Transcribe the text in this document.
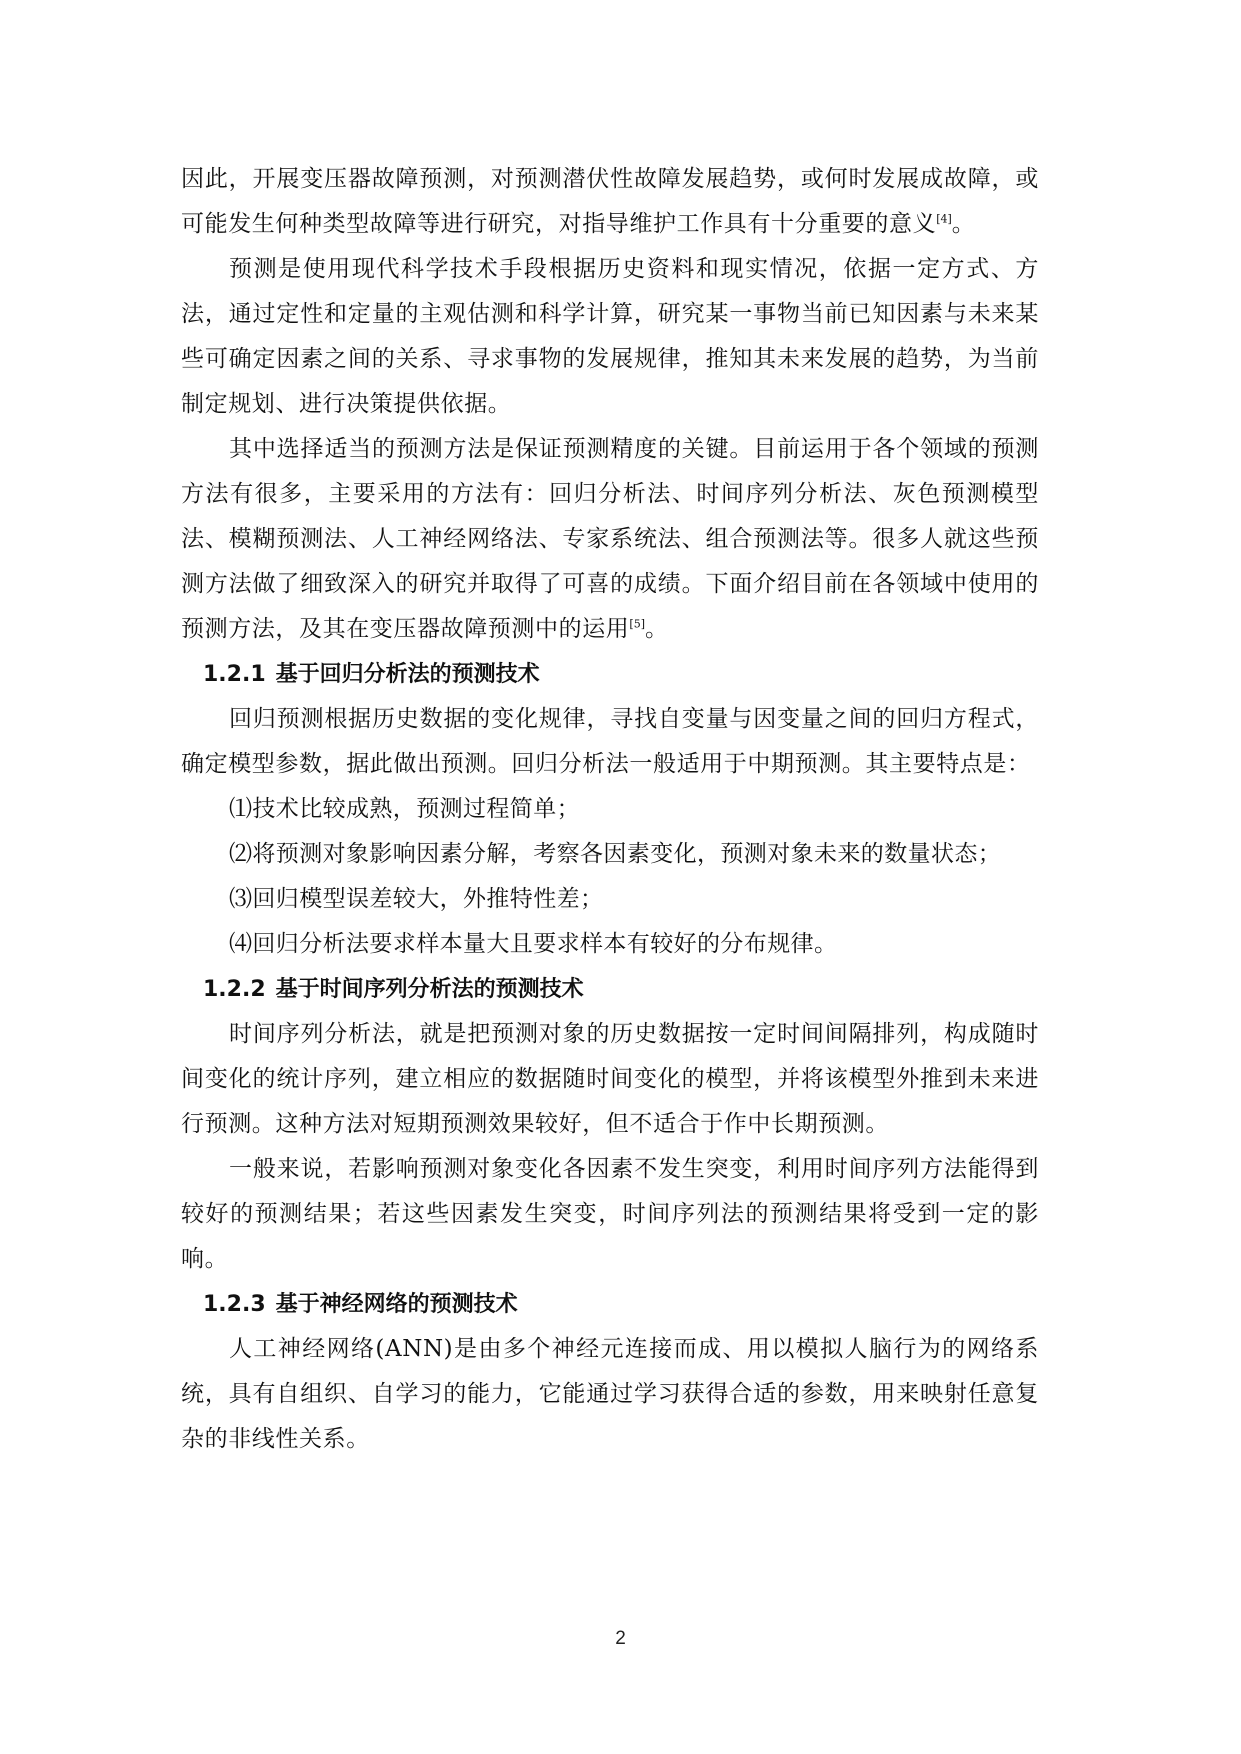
因此，开展变压器故障预测，对预测潜伏性故障发展趋势，或何时发展成故障，或可能发生何种类型故障等进行研究，对指导维护工作具有十分重要的意义[4]。

预测是使用现代科学技术手段根据历史资料和现实情况，依据一定方式、方法，通过定性和定量的主观估测和科学计算，研究某一事物当前已知因素与未来某些可确定因素之间的关系、寻求事物的发展规律，推知其未来发展的趋势，为当前制定规划、进行决策提供依据。

其中选择适当的预测方法是保证预测精度的关键。目前运用于各个领域的预测方法有很多，主要采用的方法有：回归分析法、时间序列分析法、灰色预测模型法、模糊预测法、人工神经网络法、专家系统法、组合预测法等。很多人就这些预测方法做了细致深入的研究并取得了可喜的成绩。下面介绍目前在各领域中使用的预测方法，及其在变压器故障预测中的运用[5]。

1.2.1 基于回归分析法的预测技术

回归预测根据历史数据的变化规律，寻找自变量与因变量之间的回归方程式，确定模型参数，据此做出预测。回归分析法一般适用于中期预测。其主要特点是：

⑴技术比较成熟，预测过程简单；

⑵将预测对象影响因素分解，考察各因素变化，预测对象未来的数量状态；

⑶回归模型误差较大，外推特性差；

⑷回归分析法要求样本量大且要求样本有较好的分布规律。

1.2.2 基于时间序列分析法的预测技术

时间序列分析法，就是把预测对象的历史数据按一定时间间隔排列，构成随时间变化的统计序列，建立相应的数据随时间变化的模型，并将该模型外推到未来进行预测。这种方法对短期预测效果较好，但不适合于作中长期预测。

一般来说，若影响预测对象变化各因素不发生突变，利用时间序列方法能得到较好的预测结果；若这些因素发生突变，时间序列法的预测结果将受到一定的影响。

1.2.3 基于神经网络的预测技术

人工神经网络(ANN)是由多个神经元连接而成、用以模拟人脑行为的网络系统，具有自组织、自学习的能力，它能通过学习获得合适的参数，用来映射任意复杂的非线性关系。

2
